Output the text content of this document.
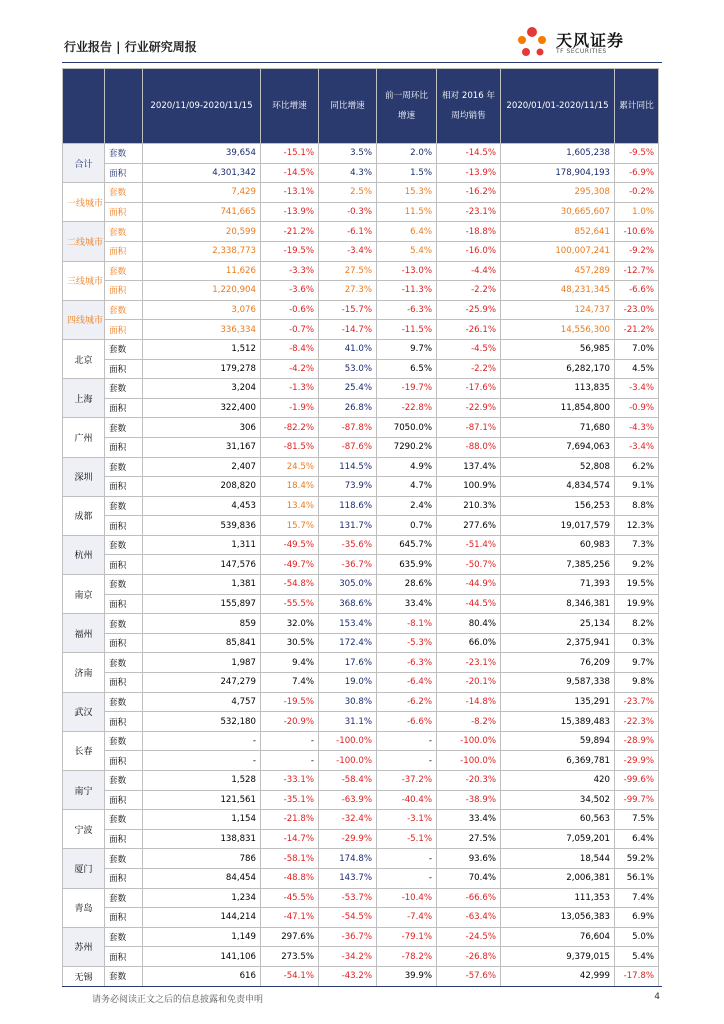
行业报告 | 行业研究周报	天风证券
TF SECURITIES
		2020/11/09-2020/11/15	环比增速	同比增速	前一周环比增速	相对 2016 年周均销售	2020/01/01-2020/11/15	累计同比
合计	套数	39,654	-15.1%	3.5%	2.0%	-14.5%	1,605,238	-9.5%
	面积	4,301,342	-14.5%	4.3%	1.5%	-13.9%	178,904,193	-6.9%
一线城市	套数	7,429	-13.1%	2.5%	15.3%	-16.2%	295,308	-0.2%
	面积	741,665	-13.9%	-0.3%	11.5%	-23.1%	30,665,607	1.0%
二线城市	套数	20,599	-21.2%	-6.1%	6.4%	-18.8%	852,641	-10.6%
	面积	2,338,773	-19.5%	-3.4%	5.4%	-16.0%	100,007,241	-9.2%
三线城市	套数	11,626	-3.3%	27.5%	-13.0%	-4.4%	457,289	-12.7%
	面积	1,220,904	-3.6%	27.3%	-11.3%	-2.2%	48,231,345	-6.6%
四线城市	套数	3,076	-0.6%	-15.7%	-6.3%	-25.9%	124,737	-23.0%
	面积	336,334	-0.7%	-14.7%	-11.5%	-26.1%	14,556,300	-21.2%
北京	套数	1,512	-8.4%	41.0%	9.7%	-4.5%	56,985	7.0%
	面积	179,278	-4.2%	53.0%	6.5%	-2.2%	6,282,170	4.5%
上海	套数	3,204	-1.3%	25.4%	-19.7%	-17.6%	113,835	-3.4%
	面积	322,400	-1.9%	26.8%	-22.8%	-22.9%	11,854,800	-0.9%
广州	套数	306	-82.2%	-87.8%	7050.0%	-87.1%	71,680	-4.3%
	面积	31,167	-81.5%	-87.6%	7290.2%	-88.0%	7,694,063	-3.4%
深圳	套数	2,407	24.5%	114.5%	4.9%	137.4%	52,808	6.2%
	面积	208,820	18.4%	73.9%	4.7%	100.9%	4,834,574	9.1%
成都	套数	4,453	13.4%	118.6%	2.4%	210.3%	156,253	8.8%
	面积	539,836	15.7%	131.7%	0.7%	277.6%	19,017,579	12.3%
杭州	套数	1,311	-49.5%	-35.6%	645.7%	-51.4%	60,983	7.3%
	面积	147,576	-49.7%	-36.7%	635.9%	-50.7%	7,385,256	9.2%
南京	套数	1,381	-54.8%	305.0%	28.6%	-44.9%	71,393	19.5%
	面积	155,897	-55.5%	368.6%	33.4%	-44.5%	8,346,381	19.9%
福州	套数	859	32.0%	153.4%	-8.1%	80.4%	25,134	8.2%
	面积	85,841	30.5%	172.4%	-5.3%	66.0%	2,375,941	0.3%
济南	套数	1,987	9.4%	17.6%	-6.3%	-23.1%	76,209	9.7%
	面积	247,279	7.4%	19.0%	-6.4%	-20.1%	9,587,338	9.8%
武汉	套数	4,757	-19.5%	30.8%	-6.2%	-14.8%	135,291	-23.7%
	面积	532,180	-20.9%	31.1%	-6.6%	-8.2%	15,389,483	-22.3%
长春	套数	-	-	-100.0%	-	-100.0%	59,894	-28.9%
	面积	-	-	-100.0%	-	-100.0%	6,369,781	-29.9%
南宁	套数	1,528	-33.1%	-58.4%	-37.2%	-20.3%	420	-99.6%
	面积	121,561	-35.1%	-63.9%	-40.4%	-38.9%	34,502	-99.7%
宁波	套数	1,154	-21.8%	-32.4%	-3.1%	33.4%	60,563	7.5%
	面积	138,831	-14.7%	-29.9%	-5.1%	27.5%	7,059,201	6.4%
厦门	套数	786	-58.1%	174.8%	-	93.6%	18,544	59.2%
	面积	84,454	-48.8%	143.7%	-	70.4%	2,006,381	56.1%
青岛	套数	1,234	-45.5%	-53.7%	-10.4%	-66.6%	111,353	7.4%
	面积	144,214	-47.1%	-54.5%	-7.4%	-63.4%	13,056,383	6.9%
苏州	套数	1,149	297.6%	-36.7%	-79.1%	-24.5%	76,604	5.0%
	面积	141,106	273.5%	-34.2%	-78.2%	-26.8%	9,379,015	5.4%
无锡	套数	616	-54.1%	-43.2%	39.9%	-57.6%	42,999	-17.8%
请务必阅读正文之后的信息披露和免责申明	4
